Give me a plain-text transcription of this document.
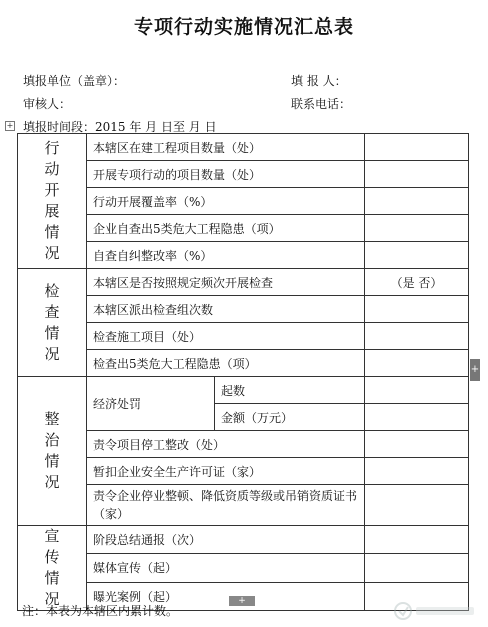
专项行动实施情况汇总表
填报单位（盖章）：	填 报 人：
审核人：	联系电话：
+ 填报时间段：2015 年 月 日至 月 日
行动开展情况	本辖区在建工程项目数量（处）		
	开展专项行动的项目数量（处）		
	行动开展覆盖率（%）		
	企业自查出5类危大工程隐患（项）		
	自查自纠整改率（%）		
检查情况	本辖区是否按照规定频次开展检查		（是 否）
	本辖区派出检查组次数		
	检查施工项目（处）		
	检查出5类危大工程隐患（项）		
整治情况	经济处罚	起数	
		金额（万元）	
	责令项目停工整改（处）		
	暂扣企业安全生产许可证（家）		
	责令企业停业整顿、降低资质等级或吊销资质证书（家）		
宣传情况	阶段总结通报（次）		
	媒体宣传（起）		
	曝光案例（起）		
+
+
注：本表为本辖区内累计数。
